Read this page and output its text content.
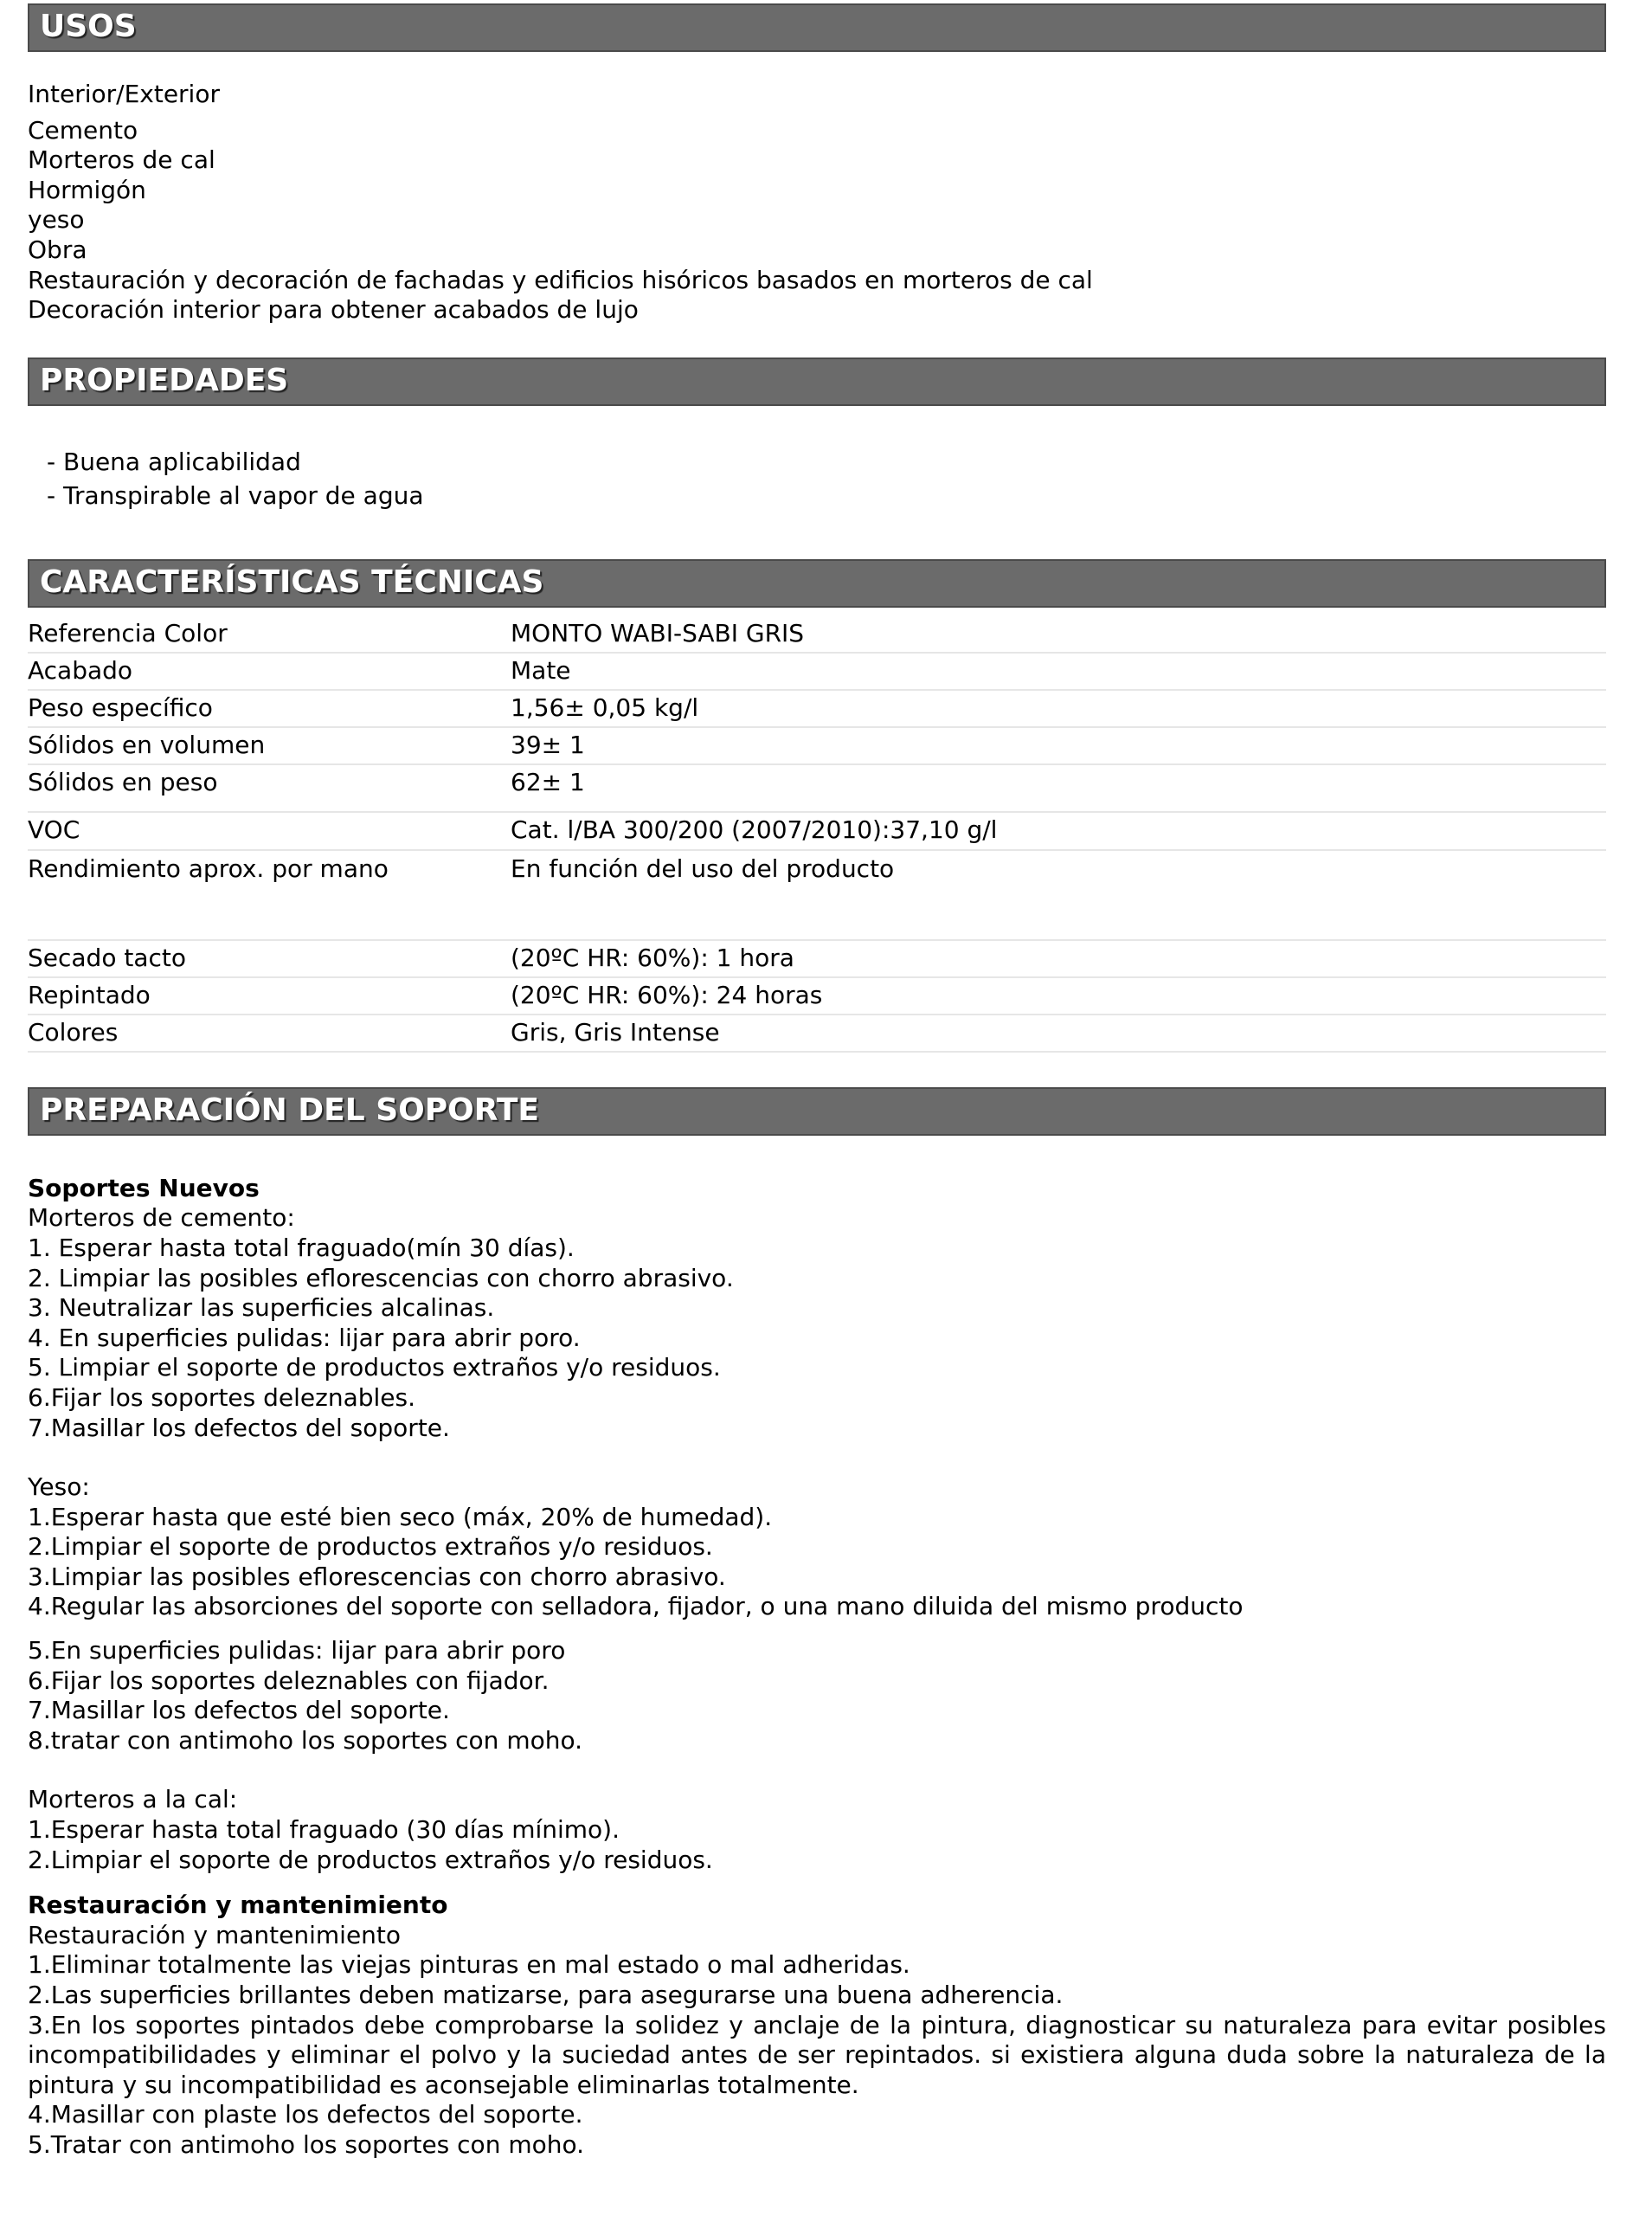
USOS
Interior/Exterior
Cemento
Morteros de cal
Hormigón
yeso
Obra
Restauración y decoración de fachadas y edificios hisóricos basados en morteros de cal
Decoración interior para obtener acabados de lujo
PROPIEDADES
- Buena aplicabilidad
- Transpirable al vapor de agua
CARACTERÍSTICAS TÉCNICAS
Referencia Color	MONTO WABI-SABI GRIS
Acabado	Mate
Peso específico	1,56± 0,05 kg/l
Sólidos en volumen	39± 1
Sólidos en peso	62± 1
VOC	Cat. l/BA 300/200 (2007/2010):37,10 g/l
Rendimiento aprox. por mano	En función del uso del producto
Secado tacto	(20ºC HR: 60%): 1 hora
Repintado	(20ºC HR: 60%): 24 horas
Colores	Gris, Gris Intense
PREPARACIÓN DEL SOPORTE
Soportes Nuevos
Morteros de cemento:
1. Esperar hasta total fraguado(mín 30 días).
2. Limpiar las posibles eflorescencias con chorro abrasivo.
3. Neutralizar las superficies alcalinas.
4. En superficies pulidas: lijar para abrir poro.
5. Limpiar el soporte de productos extraños y/o residuos.
6.Fijar los soportes deleznables.
7.Masillar los defectos del soporte.
Yeso:
1.Esperar hasta que esté bien seco (máx, 20% de humedad).
2.Limpiar el soporte de productos extraños y/o residuos.
3.Limpiar las posibles eflorescencias con chorro abrasivo.
4.Regular las absorciones del soporte con selladora, fijador, o una mano diluida del mismo producto
5.En superficies pulidas: lijar para abrir poro
6.Fijar los soportes deleznables con fijador.
7.Masillar los defectos del soporte.
8.tratar con antimoho los soportes con moho.
Morteros a la cal:
1.Esperar hasta total fraguado (30 días mínimo).
2.Limpiar el soporte de productos extraños y/o residuos.
Restauración y mantenimiento
Restauración y mantenimiento
1.Eliminar totalmente las viejas pinturas en mal estado o mal adheridas.
2.Las superficies brillantes deben matizarse, para asegurarse una buena adherencia.
3.En los soportes pintados debe comprobarse la solidez y anclaje de la pintura, diagnosticar su naturaleza para evitar posibles incompatibilidades y eliminar el polvo y la suciedad antes de ser repintados. si existiera alguna duda sobre la naturaleza de la pintura y su incompatibilidad es aconsejable eliminarlas totalmente.
4.Masillar con plaste los defectos del soporte.
5.Tratar con antimoho los soportes con moho.
